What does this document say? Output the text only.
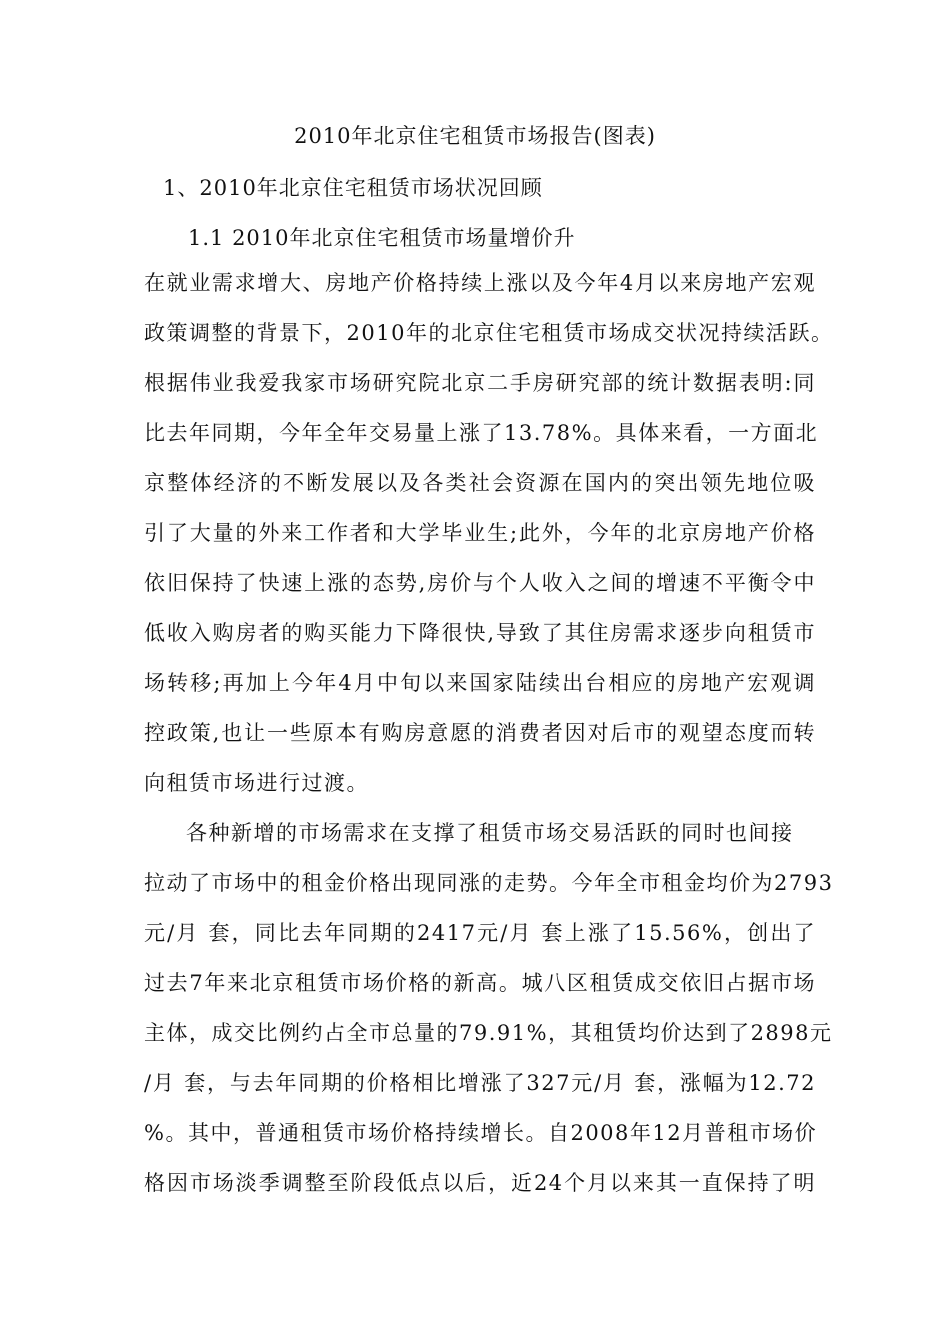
2010年北京住宅租赁市场报告(图表)
1、2010年北京住宅租赁市场状况回顾
1.1 2010年北京住宅租赁市场量增价升
在就业需求增大、房地产价格持续上涨以及今年4月以来房地产宏观
政策调整的背景下，2010年的北京住宅租赁市场成交状况持续活跃。
根据伟业我爱我家市场研究院北京二手房研究部的统计数据表明:同
比去年同期，今年全年交易量上涨了13.78%。具体来看，一方面北
京整体经济的不断发展以及各类社会资源在国内的突出领先地位吸
引了大量的外来工作者和大学毕业生;此外，今年的北京房地产价格
依旧保持了快速上涨的态势,房价与个人收入之间的增速不平衡令中
低收入购房者的购买能力下降很快,导致了其住房需求逐步向租赁市
场转移;再加上今年4月中旬以来国家陆续出台相应的房地产宏观调
控政策,也让一些原本有购房意愿的消费者因对后市的观望态度而转
向租赁市场进行过渡。
各种新增的市场需求在支撑了租赁市场交易活跃的同时也间接
拉动了市场中的租金价格出现同涨的走势。今年全市租金均价为2793
元/月 套，同比去年同期的2417元/月 套上涨了15.56%，创出了
过去7年来北京租赁市场价格的新高。城八区租赁成交依旧占据市场
主体，成交比例约占全市总量的79.91%，其租赁均价达到了2898元
/月 套，与去年同期的价格相比增涨了327元/月 套，涨幅为12.72
%。其中，普通租赁市场价格持续增长。自2008年12月普租市场价
格因市场淡季调整至阶段低点以后，近24个月以来其一直保持了明
